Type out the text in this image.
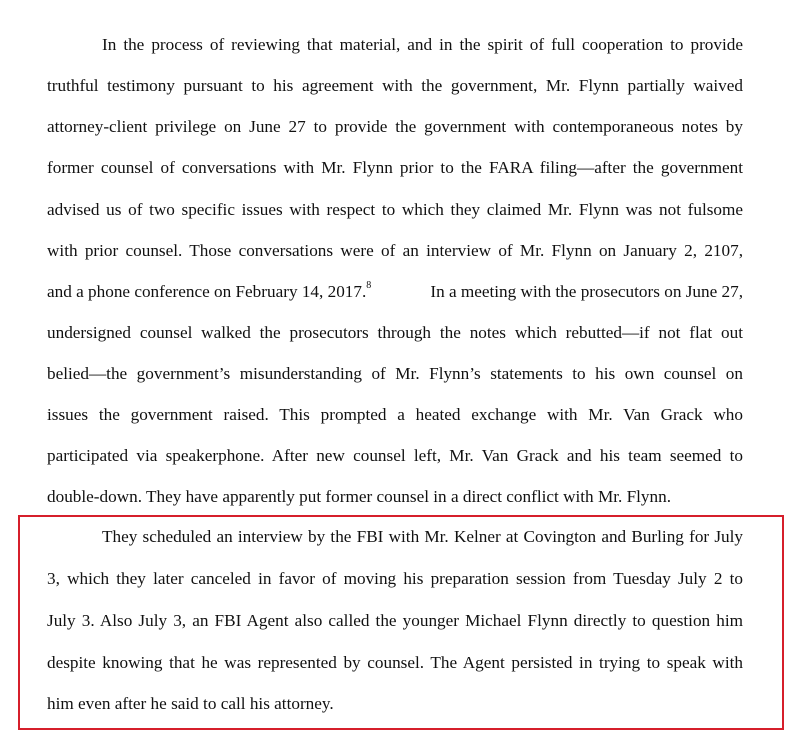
In the process of reviewing that material, and in the spirit of full cooperation to provide
truthful testimony pursuant to his agreement with the government, Mr. Flynn partially waived
attorney-client privilege on June 27 to provide the government with contemporaneous notes by
former counsel of conversations with Mr. Flynn prior to the FARA filing—after the government
advised us of two specific issues with respect to which they claimed Mr. Flynn was not fulsome
with prior counsel. Those conversations were of an interview of Mr. Flynn on January 2, 2107,
and a phone conference on February 14, 2017.$^8$	In a meeting with the prosecutors on June 27,
undersigned counsel walked the prosecutors through the notes which rebutted—if not flat out
belied—the government’s misunderstanding of Mr. Flynn’s statements to his own counsel on
issues the government raised. This prompted a heated exchange with Mr. Van Grack who
participated via speakerphone. After new counsel left, Mr. Van Grack and his team seemed to
double-down. They have apparently put former counsel in a direct conflict with Mr. Flynn.
They scheduled an interview by the FBI with Mr. Kelner at Covington and Burling for July
3, which they later canceled in favor of moving his preparation session from Tuesday July 2 to
July 3. Also July 3, an FBI Agent also called the younger Michael Flynn directly to question him
despite knowing that he was represented by counsel. The Agent persisted in trying to speak with
him even after he said to call his attorney.
